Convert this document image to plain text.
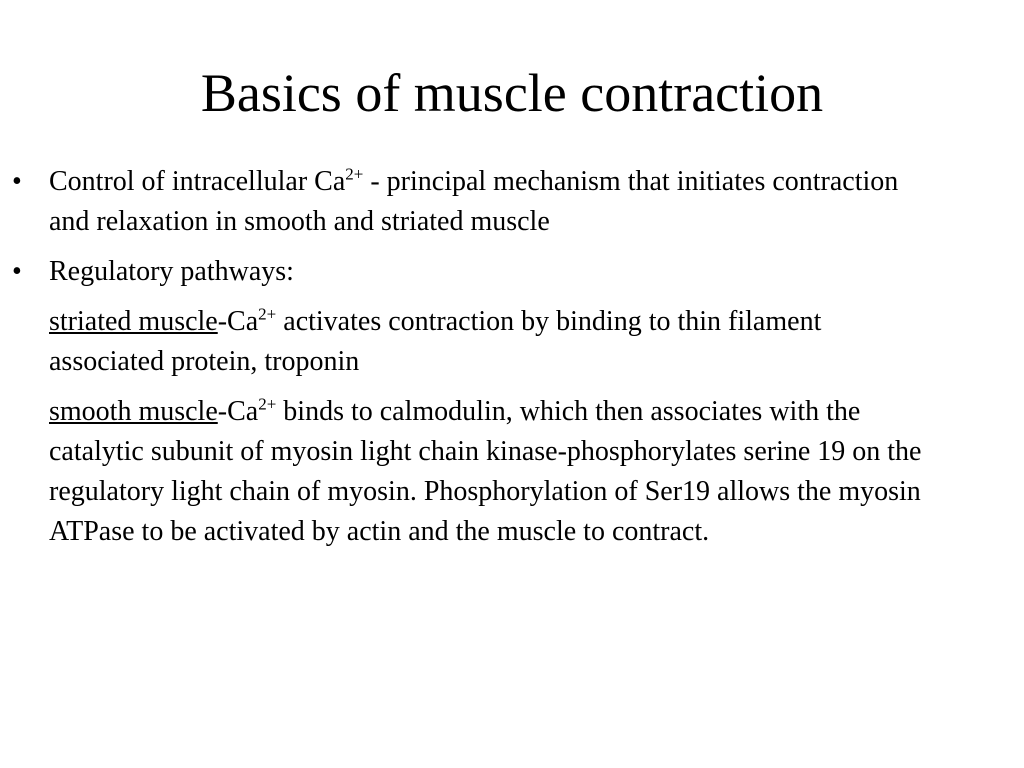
Basics of muscle contraction
• Control of intracellular $Ca^{2+}$ - principal mechanism that initiates contraction and relaxation in smooth and striated muscle
• Regulatory pathways:
striated muscle-$Ca^{2+}$ activates contraction by binding to thin filament associated protein, troponin
smooth muscle-$Ca^{2+}$ binds to calmodulin, which then associates with the catalytic subunit of myosin light chain kinase-phosphorylates serine 19 on the regulatory light chain of myosin. Phosphorylation of Ser19 allows the myosin ATPase to be activated by actin and the muscle to contract.
